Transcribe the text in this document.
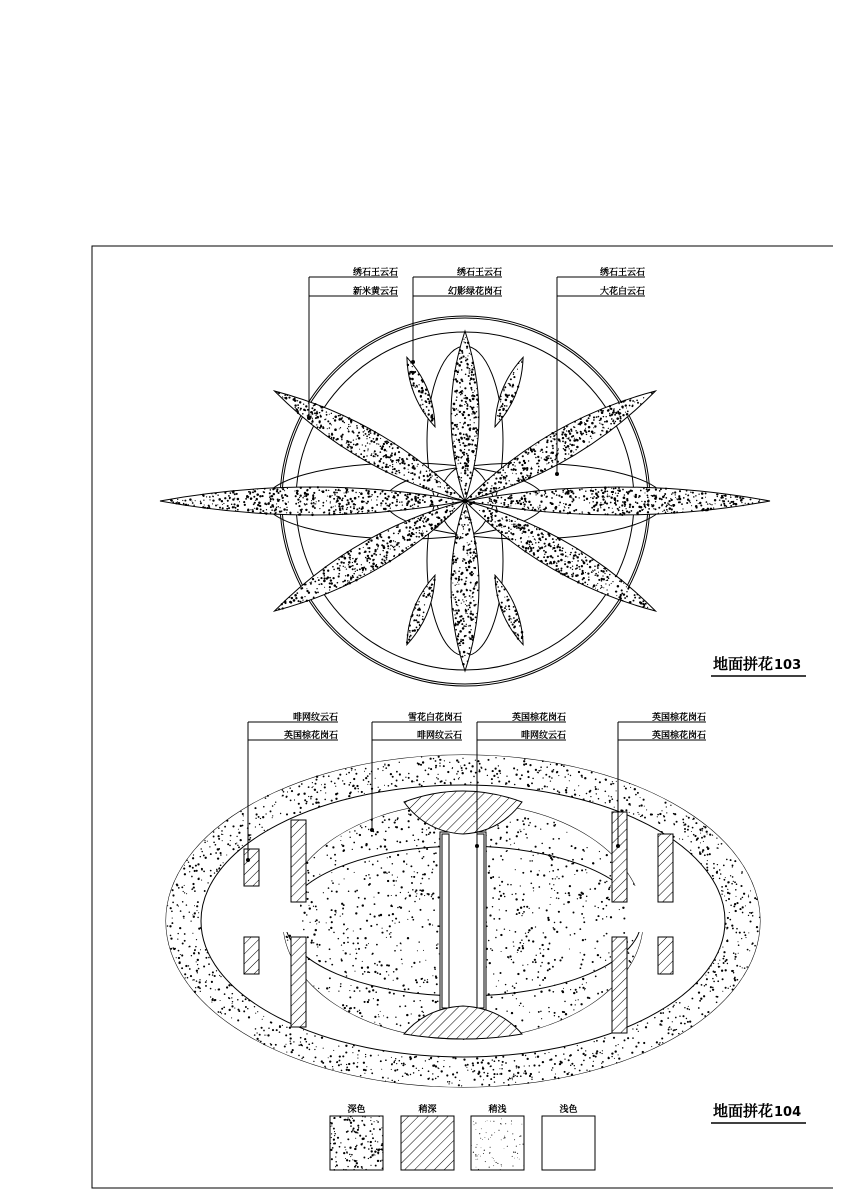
绣石王云石
新米黄云石
绣石王云石
幻影绿花岗石
绣石王云石
大花白云石
地面拼花 103
啡网纹云石
英国棕花岗石
雪花白花岗石
啡网纹云石
英国棕花岗石
啡网纹云石
英国棕花岗石
英国棕花岗石
地面拼花 104
深色	稍深	稍浅	浅色
